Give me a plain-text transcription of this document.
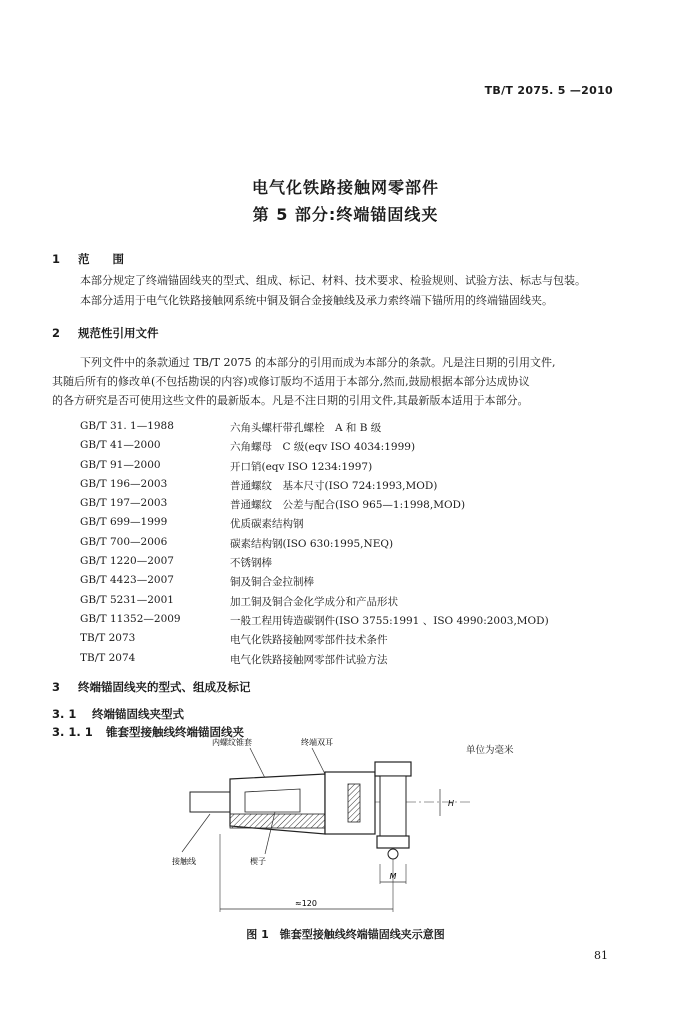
TB/T 2075. 5 —2010
电气化铁路接触网零部件
第 5 部分:终端锚固线夹
1 范　　围
本部分规定了终端锚固线夹的型式、组成、标记、材料、技术要求、检验规则、试验方法、标志与包装。
本部分适用于电气化铁路接触网系统中铜及铜合金接触线及承力索终端下锚所用的终端锚固线夹。
2 规范性引用文件
下列文件中的条款通过 TB/T 2075 的本部分的引用而成为本部分的条款。凡是注日期的引用文件,
其随后所有的修改单(不包括勘误的内容)或修订版均不适用于本部分,然而,鼓励根据本部分达成协议
的各方研究是否可使用这些文件的最新版本。凡是不注日期的引用文件,其最新版本适用于本部分。
GB/T 31. 1—1988	六角头螺杆带孔螺栓　A 和 B 级
GB/T 41—2000	六角螺母　C 级(eqv ISO 4034:1999)
GB/T 91—2000	开口销(eqv ISO 1234:1997)
GB/T 196—2003	普通螺纹　基本尺寸(ISO 724:1993,MOD)
GB/T 197—2003	普通螺纹　公差与配合(ISO 965—1:1998,MOD)
GB/T 699—1999	优质碳素结构钢
GB/T 700—2006	碳素结构钢(ISO 630:1995,NEQ)
GB/T 1220—2007	不锈钢棒
GB/T 4423—2007	铜及铜合金拉制棒
GB/T 5231—2001	加工铜及铜合金化学成分和产品形状
GB/T 11352—2009	一般工程用铸造碳钢件(ISO 3755:1991 、ISO 4990:2003,MOD)
TB/T 2073	电气化铁路接触网零部件技术条件
TB/T 2074	电气化铁路接触网零部件试验方法
3 终端锚固线夹的型式、组成及标记
3. 1 终端锚固线夹型式
3. 1. 1 锥套型接触线终端锚固线夹
单位为毫米
内螺纹锥套	终端双耳
H
接触线	楔子
M
≈120
图 1　锥套型接触线终端锚固线夹示意图
81
